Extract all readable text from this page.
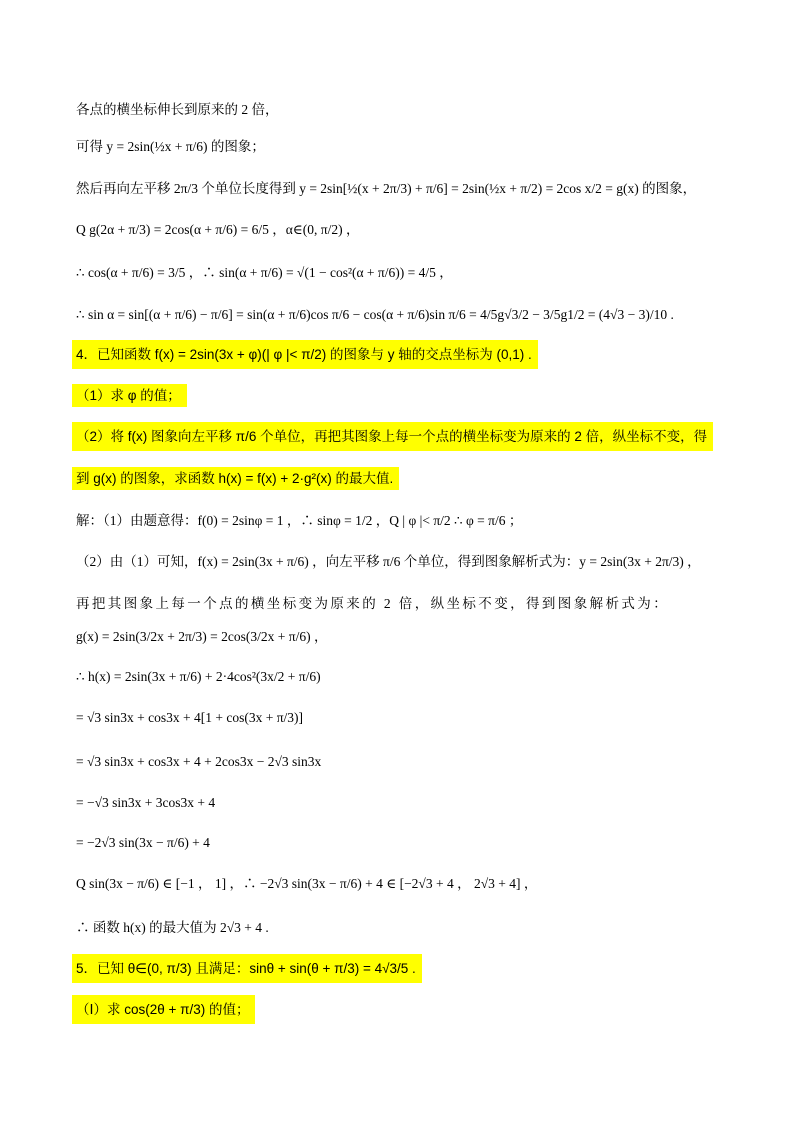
各点的横坐标伸长到原来的 2 倍，
可得 y = 2sin(½x + π/6) 的图象；
然后再向左平移 2π/3 个单位长度得到 y = 2sin[½(x + 2π/3) + π/6] = 2sin(½x + π/2) = 2cos x/2 = g(x) 的图象，
Q g(2α + π/3) = 2cos(α + π/6) = 6/5 ，α∈(0, π/2) ，
∴ cos(α + π/6) = 3/5 ，∴ sin(α + π/6) = √(1 − cos²(α + π/6)) = 4/5 ，
∴ sin α = sin[(α + π/6) − π/6] = sin(α + π/6)cos π/6 − cos(α + π/6)sin π/6 = 4/5g√3/2 − 3/5g1/2 = (4√3 − 3)/10 .
4．已知函数 f(x) = 2sin(3x + φ)(| φ |< π/2) 的图象与 y 轴的交点坐标为 (0,1) .
（1）求 φ 的值；
（2）将 f(x) 图象向左平移 π/6 个单位，再把其图象上每一个点的横坐标变为原来的 2 倍，纵坐标不变，得
到 g(x) 的图象，求函数 h(x) = f(x) + 2·g²(x) 的最大值.
解：（1）由题意得：f(0) = 2sinφ = 1 ，∴ sinφ = 1/2 ，Q | φ |< π/2 ∴ φ = π/6 ；
（2）由（1）可知，f(x) = 2sin(3x + π/6) ，向左平移 π/6 个单位，得到图象解析式为：y = 2sin(3x + 2π/3) ，
再把其图象上每一个点的横坐标变为原来的 2 倍，纵坐标不变，得到图象解析式为：
g(x) = 2sin(3/2x + 2π/3) = 2cos(3/2x + π/6) ，
∴ h(x) = 2sin(3x + π/6) + 2·4cos²(3x/2 + π/6)
= √3 sin3x + cos3x + 4[1 + cos(3x + π/3)]
= √3 sin3x + cos3x + 4 + 2cos3x − 2√3 sin3x
= −√3 sin3x + 3cos3x + 4
= −2√3 sin(3x − π/6) + 4
Q sin(3x − π/6) ∈ [−1 ， 1] ，∴ −2√3 sin(3x − π/6) + 4 ∈ [−2√3 + 4 ， 2√3 + 4] ，
∴ 函数 h(x) 的最大值为 2√3 + 4 .
5．已知 θ∈(0, π/3) 且满足：sinθ + sin(θ + π/3) = 4√3/5 .
（Ⅰ）求 cos(2θ + π/3) 的值；
